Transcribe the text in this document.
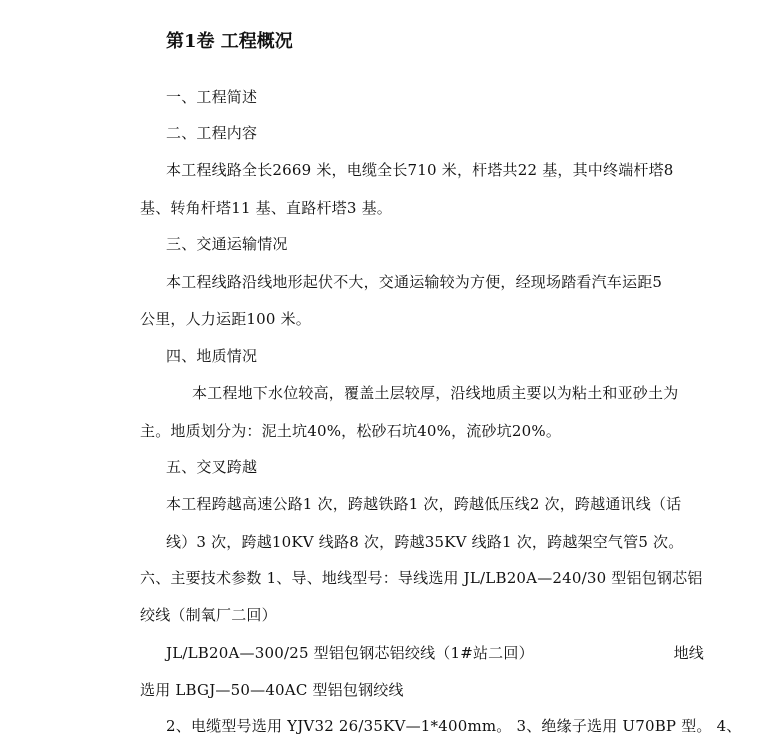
第1卷 工程概况
一、工程简述
二、工程内容
本工程线路全长2669 米，电缆全长710 米，杆塔共22 基，其中终端杆塔8
基、转角杆塔11 基、直路杆塔3 基。
三、交通运输情况
本工程线路沿线地形起伏不大，交通运输较为方便，经现场踏看汽车运距5
公里，人力运距100 米。
四、地质情况
本工程地下水位较高，覆盖土层较厚，沿线地质主要以为粘土和亚砂土为
主。地质划分为：泥土坑40%，松砂石坑40%，流砂坑20%。
五、交叉跨越
本工程跨越高速公路1 次，跨越铁路1 次，跨越低压线2 次，跨越通讯线（话
线）3 次，跨越10KV 线路8 次，跨越35KV 线路1 次，跨越架空气管5 次。
六、主要技术参数 1、导、地线型号：导线选用 JL/LB20A—240/30 型铝包钢芯铝
绞线（制氧厂二回）
JL/LB20A—300/25 型铝包钢芯铝绞线（1#站二回）	地线
选用 LBGJ—50—40AC 型铝包钢绞线
2、电缆型号选用 YJV32 26/35KV—1*400mm。 3、绝缘子选用 U70BP 型。 4、
